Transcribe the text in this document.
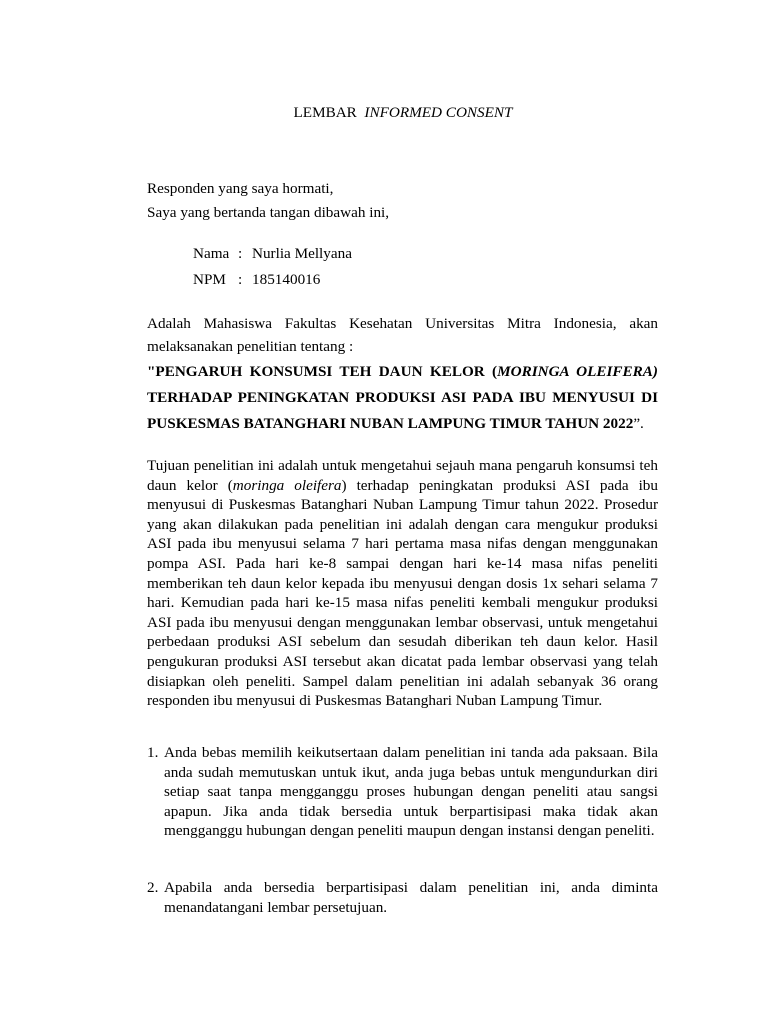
LEMBAR INFORMED CONSENT
Responden yang saya hormati,
Saya yang bertanda tangan dibawah ini,
Nama : Nurlia Mellyana
NPM : 185140016
Adalah Mahasiswa Fakultas Kesehatan Universitas Mitra Indonesia, akan melaksanakan penelitian tentang :
"PENGARUH KONSUMSI TEH DAUN KELOR (MORINGA OLEIFERA) TERHADAP PENINGKATAN PRODUKSI ASI PADA IBU MENYUSUI DI PUSKESMAS BATANGHARI NUBAN LAMPUNG TIMUR TAHUN 2022”.
Tujuan penelitian ini adalah untuk mengetahui sejauh mana pengaruh konsumsi teh daun kelor (moringa oleifera) terhadap peningkatan produksi ASI pada ibu menyusui di Puskesmas Batanghari Nuban Lampung Timur tahun 2022. Prosedur yang akan dilakukan pada penelitian ini adalah dengan cara mengukur produksi ASI pada ibu menyusui selama 7 hari pertama masa nifas dengan menggunakan pompa ASI. Pada hari ke-8 sampai dengan hari ke-14 masa nifas peneliti memberikan teh daun kelor kepada ibu menyusui dengan dosis 1x sehari selama 7 hari. Kemudian pada hari ke-15 masa nifas peneliti kembali mengukur produksi ASI pada ibu menyusui dengan menggunakan lembar observasi, untuk mengetahui perbedaan produksi ASI sebelum dan sesudah diberikan teh daun kelor. Hasil pengukuran produksi ASI tersebut akan dicatat pada lembar observasi yang telah disiapkan oleh peneliti. Sampel dalam penelitian ini adalah sebanyak 36 orang responden ibu menyusui di Puskesmas Batanghari Nuban Lampung Timur.
1. Anda bebas memilih keikutsertaan dalam penelitian ini tanda ada paksaan. Bila anda sudah memutuskan untuk ikut, anda juga bebas untuk mengundurkan diri setiap saat tanpa mengganggu proses hubungan dengan peneliti atau sangsi apapun. Jika anda tidak bersedia untuk berpartisipasi maka tidak akan mengganggu hubungan dengan peneliti maupun dengan instansi dengan peneliti.
2. Apabila anda bersedia berpartisipasi dalam penelitian ini, anda diminta menandatangani lembar persetujuan.
